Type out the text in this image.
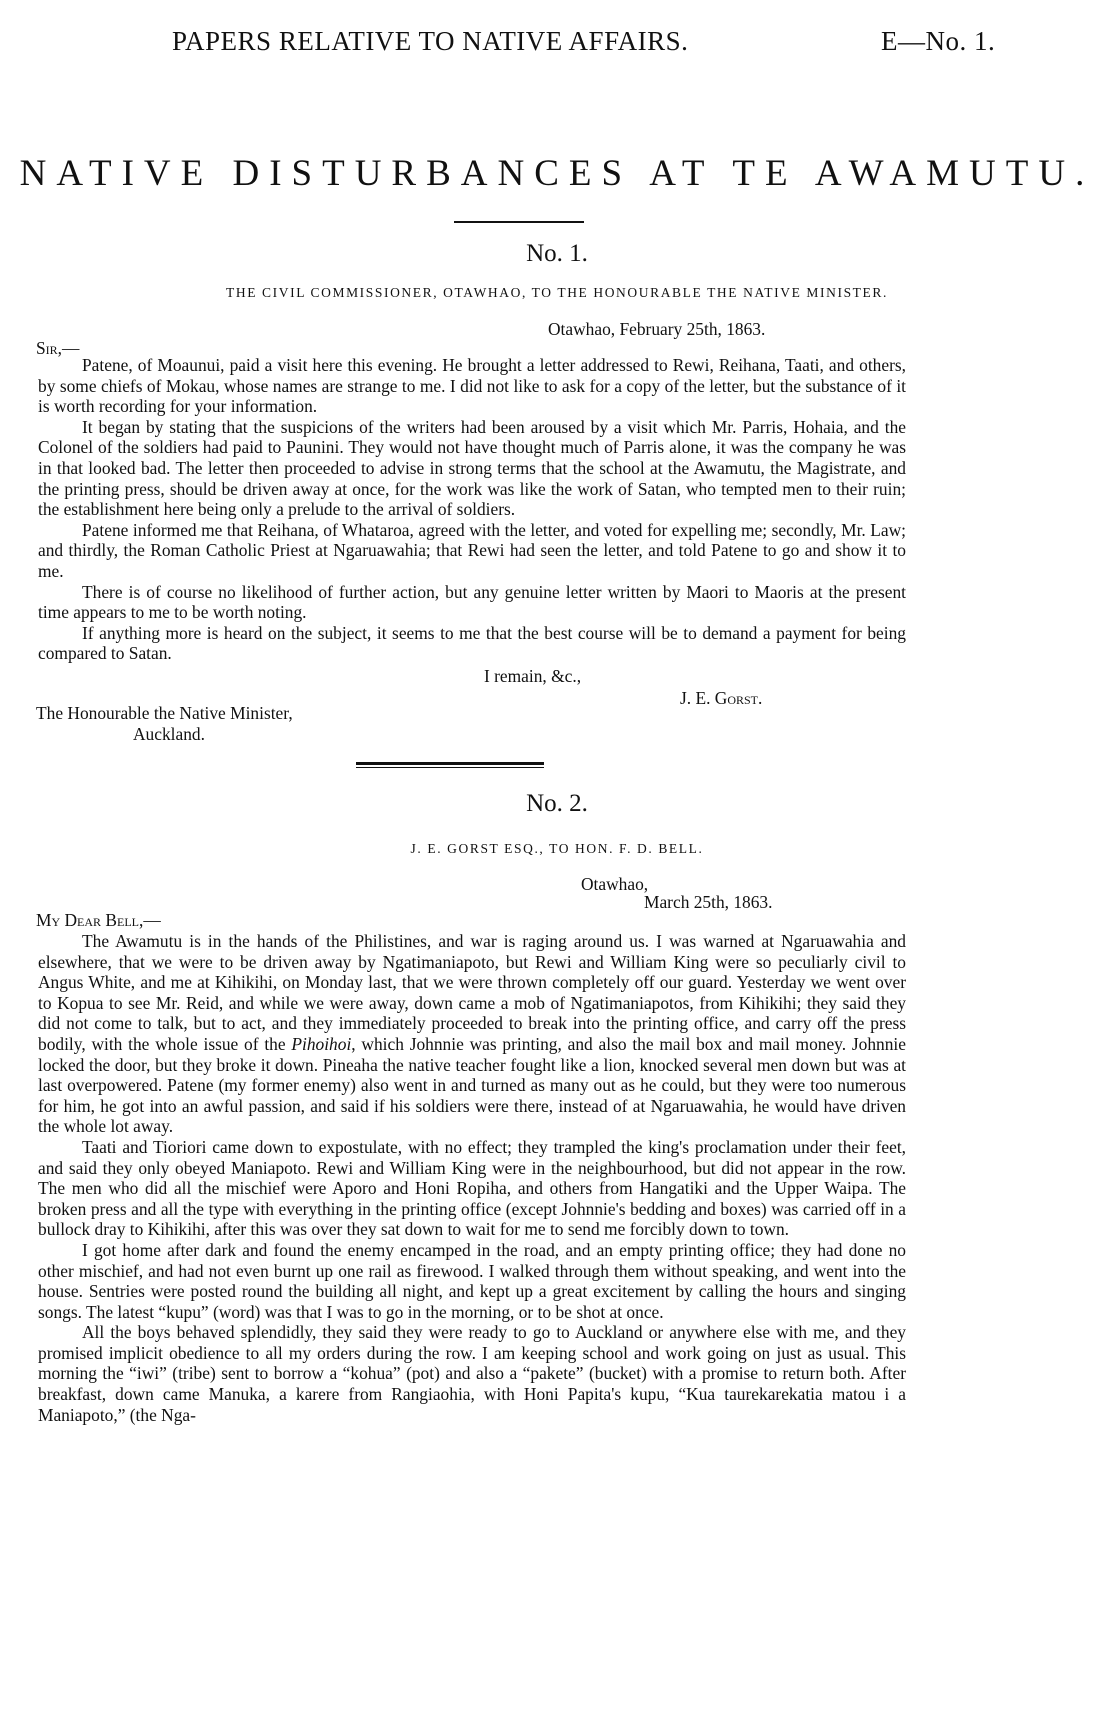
PAPERS RELATIVE TO NATIVE AFFAIRS.	E—No. 1.
NATIVE DISTURBANCES AT TE AWAMUTU.
No. 1.
THE CIVIL COMMISSIONER, OTAWHAO, TO THE HONOURABLE THE NATIVE MINISTER.
Otawhao, February 25th, 1863.
Sir,—

Patene, of Moaunui, paid a visit here this evening. He brought a letter addressed to Rewi, Reihana, Taati, and others, by some chiefs of Mokau, whose names are strange to me. I did not like to ask for a copy of the letter, but the substance of it is worth recording for your information.

It began by stating that the suspicions of the writers had been aroused by a visit which Mr. Parris, Hohaia, and the Colonel of the soldiers had paid to Paunini. They would not have thought much of Parris alone, it was the company he was in that looked bad. The letter then proceeded to advise in strong terms that the school at the Awamutu, the Magistrate, and the printing press, should be driven away at once, for the work was like the work of Satan, who tempted men to their ruin; the establishment here being only a prelude to the arrival of soldiers.

Patene informed me that Reihana, of Whataroa, agreed with the letter, and voted for expelling me; secondly, Mr. Law; and thirdly, the Roman Catholic Priest at Ngaruawahia; that Rewi had seen the letter, and told Patene to go and show it to me.

There is of course no likelihood of further action, but any genuine letter written by Maori to Maoris at the present time appears to me to be worth noting.

If anything more is heard on the subject, it seems to me that the best course will be to demand a payment for being compared to Satan.

I remain, &c.,
J. E. Gorst.
The Honourable the Native Minister,
Auckland.
No. 2.
J. E. GORST ESQ., TO HON. F. D. BELL.
Otawhao,
March 25th, 1863.
My Dear Bell,—

The Awamutu is in the hands of the Philistines, and war is raging around us. I was warned at Ngaruawahia and elsewhere, that we were to be driven away by Ngatimaniapoto, but Rewi and William King were so peculiarly civil to Angus White, and me at Kihikihi, on Monday last, that we were thrown completely off our guard. Yesterday we went over to Kopua to see Mr. Reid, and while we were away, down came a mob of Ngatimaniapotos, from Kihikihi; they said they did not come to talk, but to act, and they immediately proceeded to break into the printing office, and carry off the press bodily, with the whole issue of the Pihoihoi, which Johnnie was printing, and also the mail box and mail money. Johnnie locked the door, but they broke it down. Pineaha the native teacher fought like a lion, knocked several men down but was at last overpowered. Patene (my former enemy) also went in and turned as many out as he could, but they were too numerous for him, he got into an awful passion, and said if his soldiers were there, instead of at Ngaruawahia, he would have driven the whole lot away.

Taati and Tioriori came down to expostulate, with no effect; they trampled the king's proclamation under their feet, and said they only obeyed Maniapoto. Rewi and William King were in the neighbourhood, but did not appear in the row. The men who did all the mischief were Aporo and Honi Ropiha, and others from Hangatiki and the Upper Waipa. The broken press and all the type with everything in the printing office (except Johnnie's bedding and boxes) was carried off in a bullock dray to Kihikihi, after this was over they sat down to wait for me to send me forcibly down to town.

I got home after dark and found the enemy encamped in the road, and an empty printing office; they had done no other mischief, and had not even burnt up one rail as firewood. I walked through them without speaking, and went into the house. Sentries were posted round the building all night, and kept up a great excitement by calling the hours and singing songs. The latest “kupu” (word) was that I was to go in the morning, or to be shot at once.

All the boys behaved splendidly, they said they were ready to go to Auckland or anywhere else with me, and they promised implicit obedience to all my orders during the row. I am keeping school and work going on just as usual. This morning the “iwi” (tribe) sent to borrow a “kohua” (pot) and also a “pakete” (bucket) with a promise to return both. After breakfast, down came Manuka, a karere from Rangiaohia, with Honi Papita's kupu, “Kua taurekarekatia matou i a Maniapoto,” (the Nga-
